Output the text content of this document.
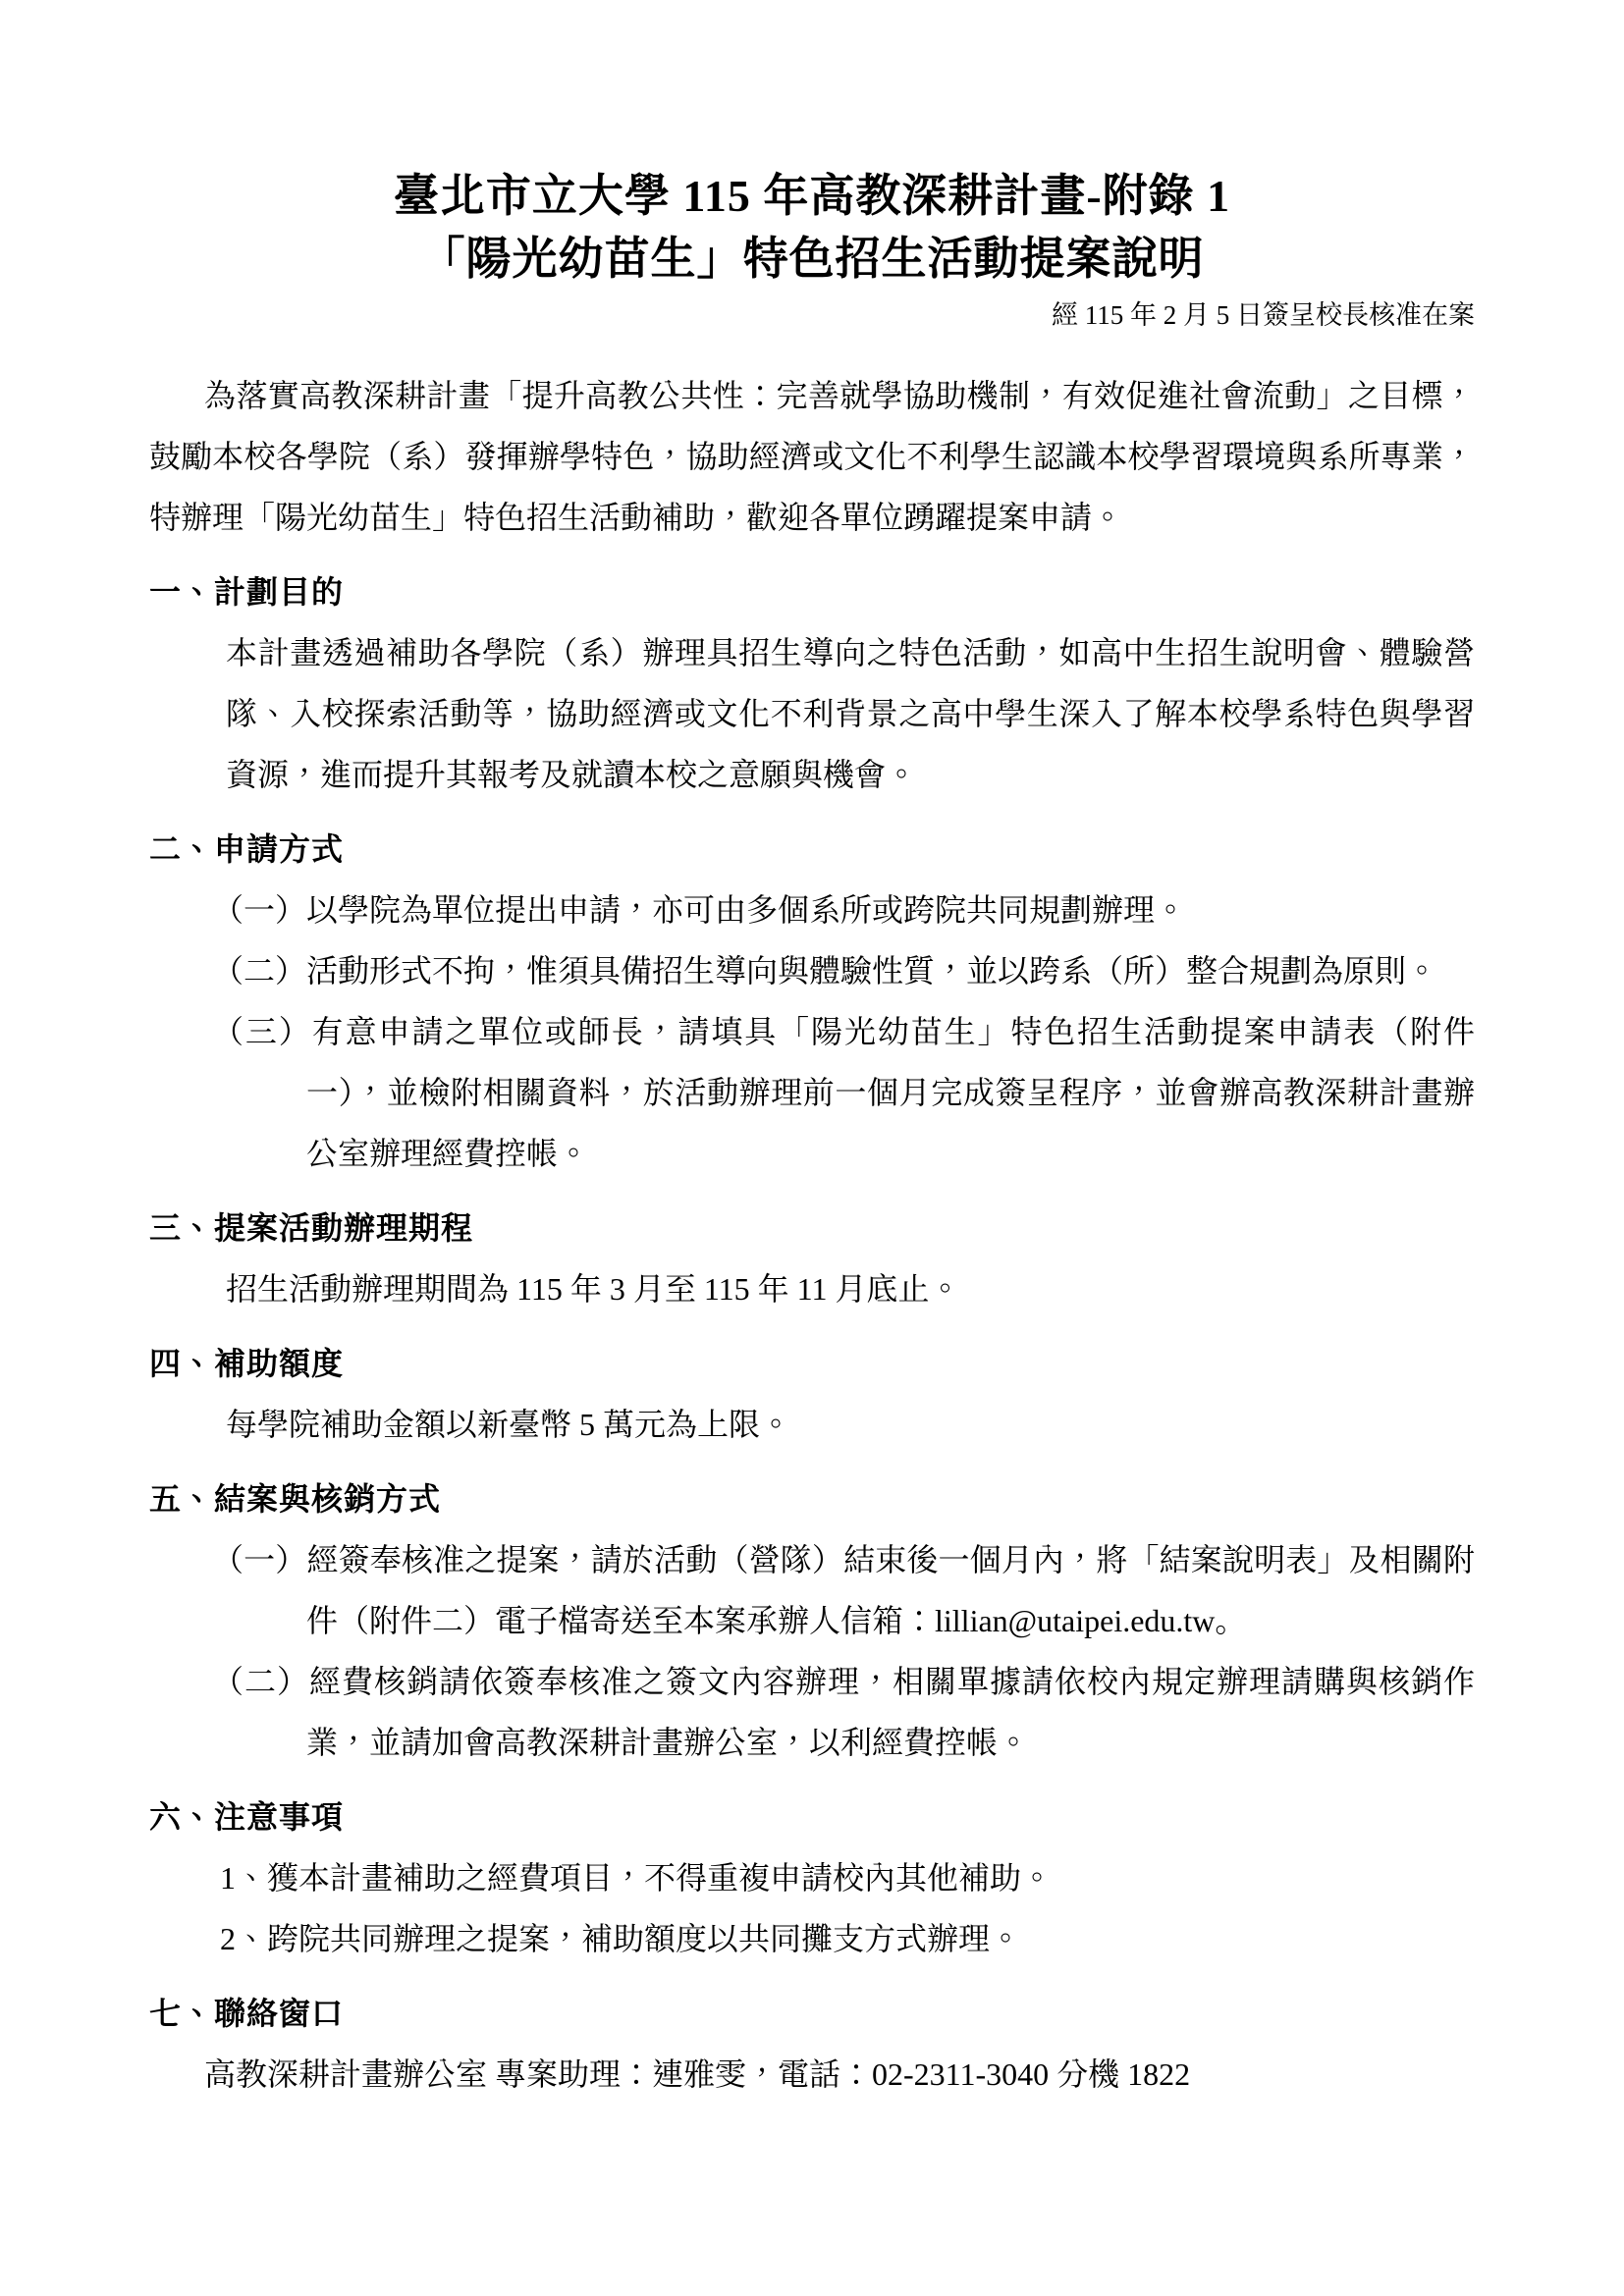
臺北市立大學 115 年高教深耕計畫-附錄 1
「陽光幼苗生」特色招生活動提案說明

經 115 年 2 月 5 日簽呈校長核准在案

為落實高教深耕計畫「提升高教公共性：完善就學協助機制，有效促進社會流動」之目標，鼓勵本校各學院（系）發揮辦學特色，協助經濟或文化不利學生認識本校學習環境與系所專業，特辦理「陽光幼苗生」特色招生活動補助，歡迎各單位踴躍提案申請。

一、計劃目的

本計畫透過補助各學院（系）辦理具招生導向之特色活動，如高中生招生說明會、體驗營隊、入校探索活動等，協助經濟或文化不利背景之高中學生深入了解本校學系特色與學習資源，進而提升其報考及就讀本校之意願與機會。

二、申請方式

（一）以學院為單位提出申請，亦可由多個系所或跨院共同規劃辦理。

（二）活動形式不拘，惟須具備招生導向與體驗性質，並以跨系（所）整合規劃為原則。

（三）有意申請之單位或師長，請填具「陽光幼苗生」特色招生活動提案申請表（附件一），並檢附相關資料，於活動辦理前一個月完成簽呈程序，並會辦高教深耕計畫辦公室辦理經費控帳。

三、提案活動辦理期程

招生活動辦理期間為 115 年 3 月至 115 年 11 月底止。

四、補助額度

每學院補助金額以新臺幣 5 萬元為上限。

五、結案與核銷方式

（一）經簽奉核准之提案，請於活動（營隊）結束後一個月內，將「結案說明表」及相關附件（附件二）電子檔寄送至本案承辦人信箱：lillian@utaipei.edu.tw。

（二）經費核銷請依簽奉核准之簽文內容辦理，相關單據請依校內規定辦理請購與核銷作業，並請加會高教深耕計畫辦公室，以利經費控帳。

六、注意事項

1、獲本計畫補助之經費項目，不得重複申請校內其他補助。

2、跨院共同辦理之提案，補助額度以共同攤支方式辦理。

七、聯絡窗口

高教深耕計畫辦公室 專案助理：連雅雯，電話：02-2311-3040 分機 1822
